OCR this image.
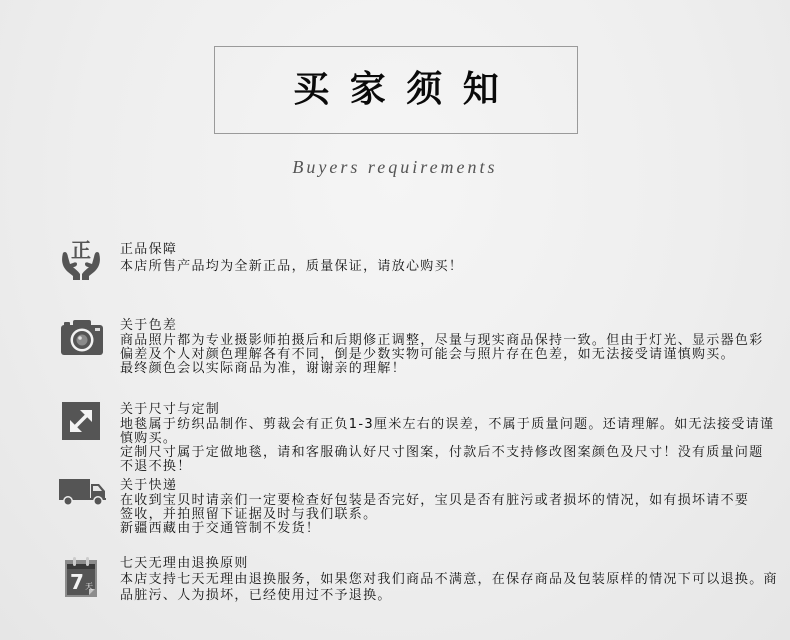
买 家 须 知
Buyers requirements
正 正品保障
本店所售产品均为全新正品，质量保证，请放心购买！
关于色差
商品照片都为专业摄影师拍摄后和后期修正调整，尽量与现实商品保持一致。但由于灯光、显示器色彩
偏差及个人对颜色理解各有不同，倒是少数实物可能会与照片存在色差，如无法接受请谨慎购买。
最终颜色会以实际商品为准，谢谢亲的理解！
关于尺寸与定制
地毯属于纺织品制作、剪裁会有正负1-3厘米左右的误差，不属于质量问题。还请理解。如无法接受请谨
慎购买。
定制尺寸属于定做地毯，请和客服确认好尺寸图案，付款后不支持修改图案颜色及尺寸！没有质量问题
不退不换！
关于快递
在收到宝贝时请亲们一定要检查好包装是否完好，宝贝是否有脏污或者损坏的情况，如有损坏请不要
签收，并拍照留下证据及时与我们联系。
新疆西藏由于交通管制不发货！
7 天
七天无理由退换原则
本店支持七天无理由退换服务，如果您对我们商品不满意，在保存商品及包装原样的情况下可以退换。商
品脏污、人为损坏，已经使用过不予退换。
